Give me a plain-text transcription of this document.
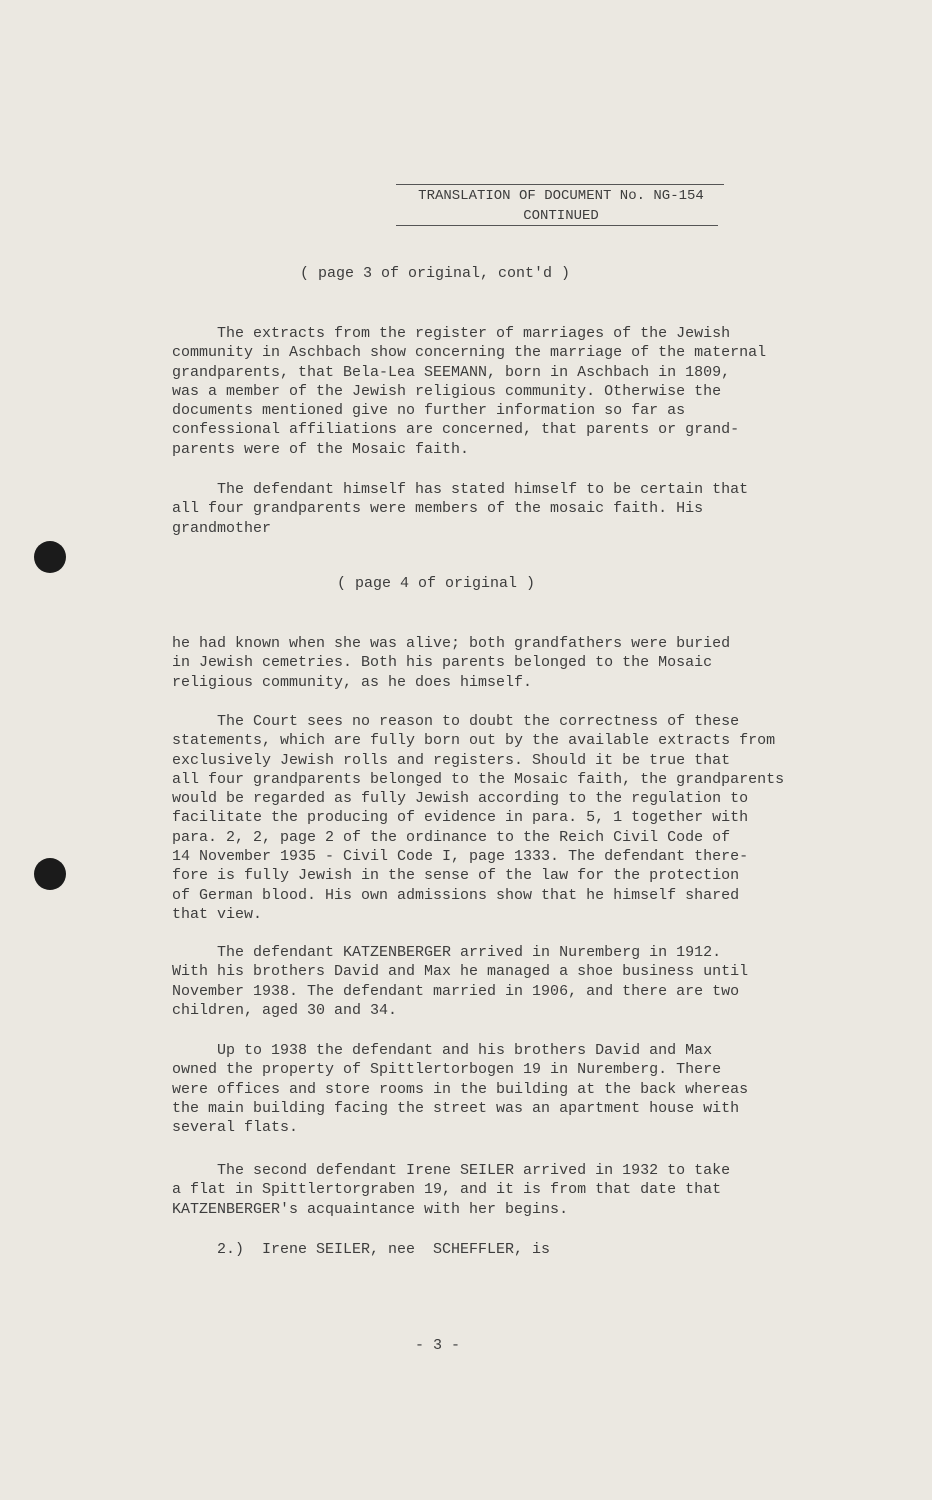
TRANSLATION OF DOCUMENT No. NG-154
CONTINUED
( page 3 of original, cont'd )
The extracts from the register of marriages of the Jewish
community in Aschbach show concerning the marriage of the maternal
grandparents, that Bela-Lea SEEMANN, born in Aschbach in 1809,
was a member of the Jewish religious community. Otherwise the
documents mentioned give no further information so far as
confessional affiliations are concerned, that parents or grand-
parents were of the Mosaic faith.
The defendant himself has stated himself to be certain that
all four grandparents were members of the mosaic faith. His
grandmother
( page 4 of original )
he had known when she was alive; both grandfathers were buried
in Jewish cemetries. Both his parents belonged to the Mosaic
religious community, as he does himself.
The Court sees no reason to doubt the correctness of these
statements, which are fully born out by the available extracts from
exclusively Jewish rolls and registers. Should it be true that
all four grandparents belonged to the Mosaic faith, the grandparents
would be regarded as fully Jewish according to the regulation to
facilitate the producing of evidence in para. 5, 1 together with
para. 2, 2, page 2 of the ordinance to the Reich Civil Code of
14 November 1935 - Civil Code I, page 1333. The defendant there-
fore is fully Jewish in the sense of the law for the protection
of German blood. His own admissions show that he himself shared
that view.
The defendant KATZENBERGER arrived in Nuremberg in 1912.
With his brothers David and Max he managed a shoe business until
November 1938. The defendant married in 1906, and there are two
children, aged 30 and 34.
Up to 1938 the defendant and his brothers David and Max
owned the property of Spittlertorbogen 19 in Nuremberg. There
were offices and store rooms in the building at the back whereas
the main building facing the street was an apartment house with
several flats.
The second defendant Irene SEILER arrived in 1932 to take
a flat in Spittlertorgraben 19, and it is from that date that
KATZENBERGER's acquaintance with her begins.
2.)  Irene SEILER, nee  SCHEFFLER, is
- 3 -
